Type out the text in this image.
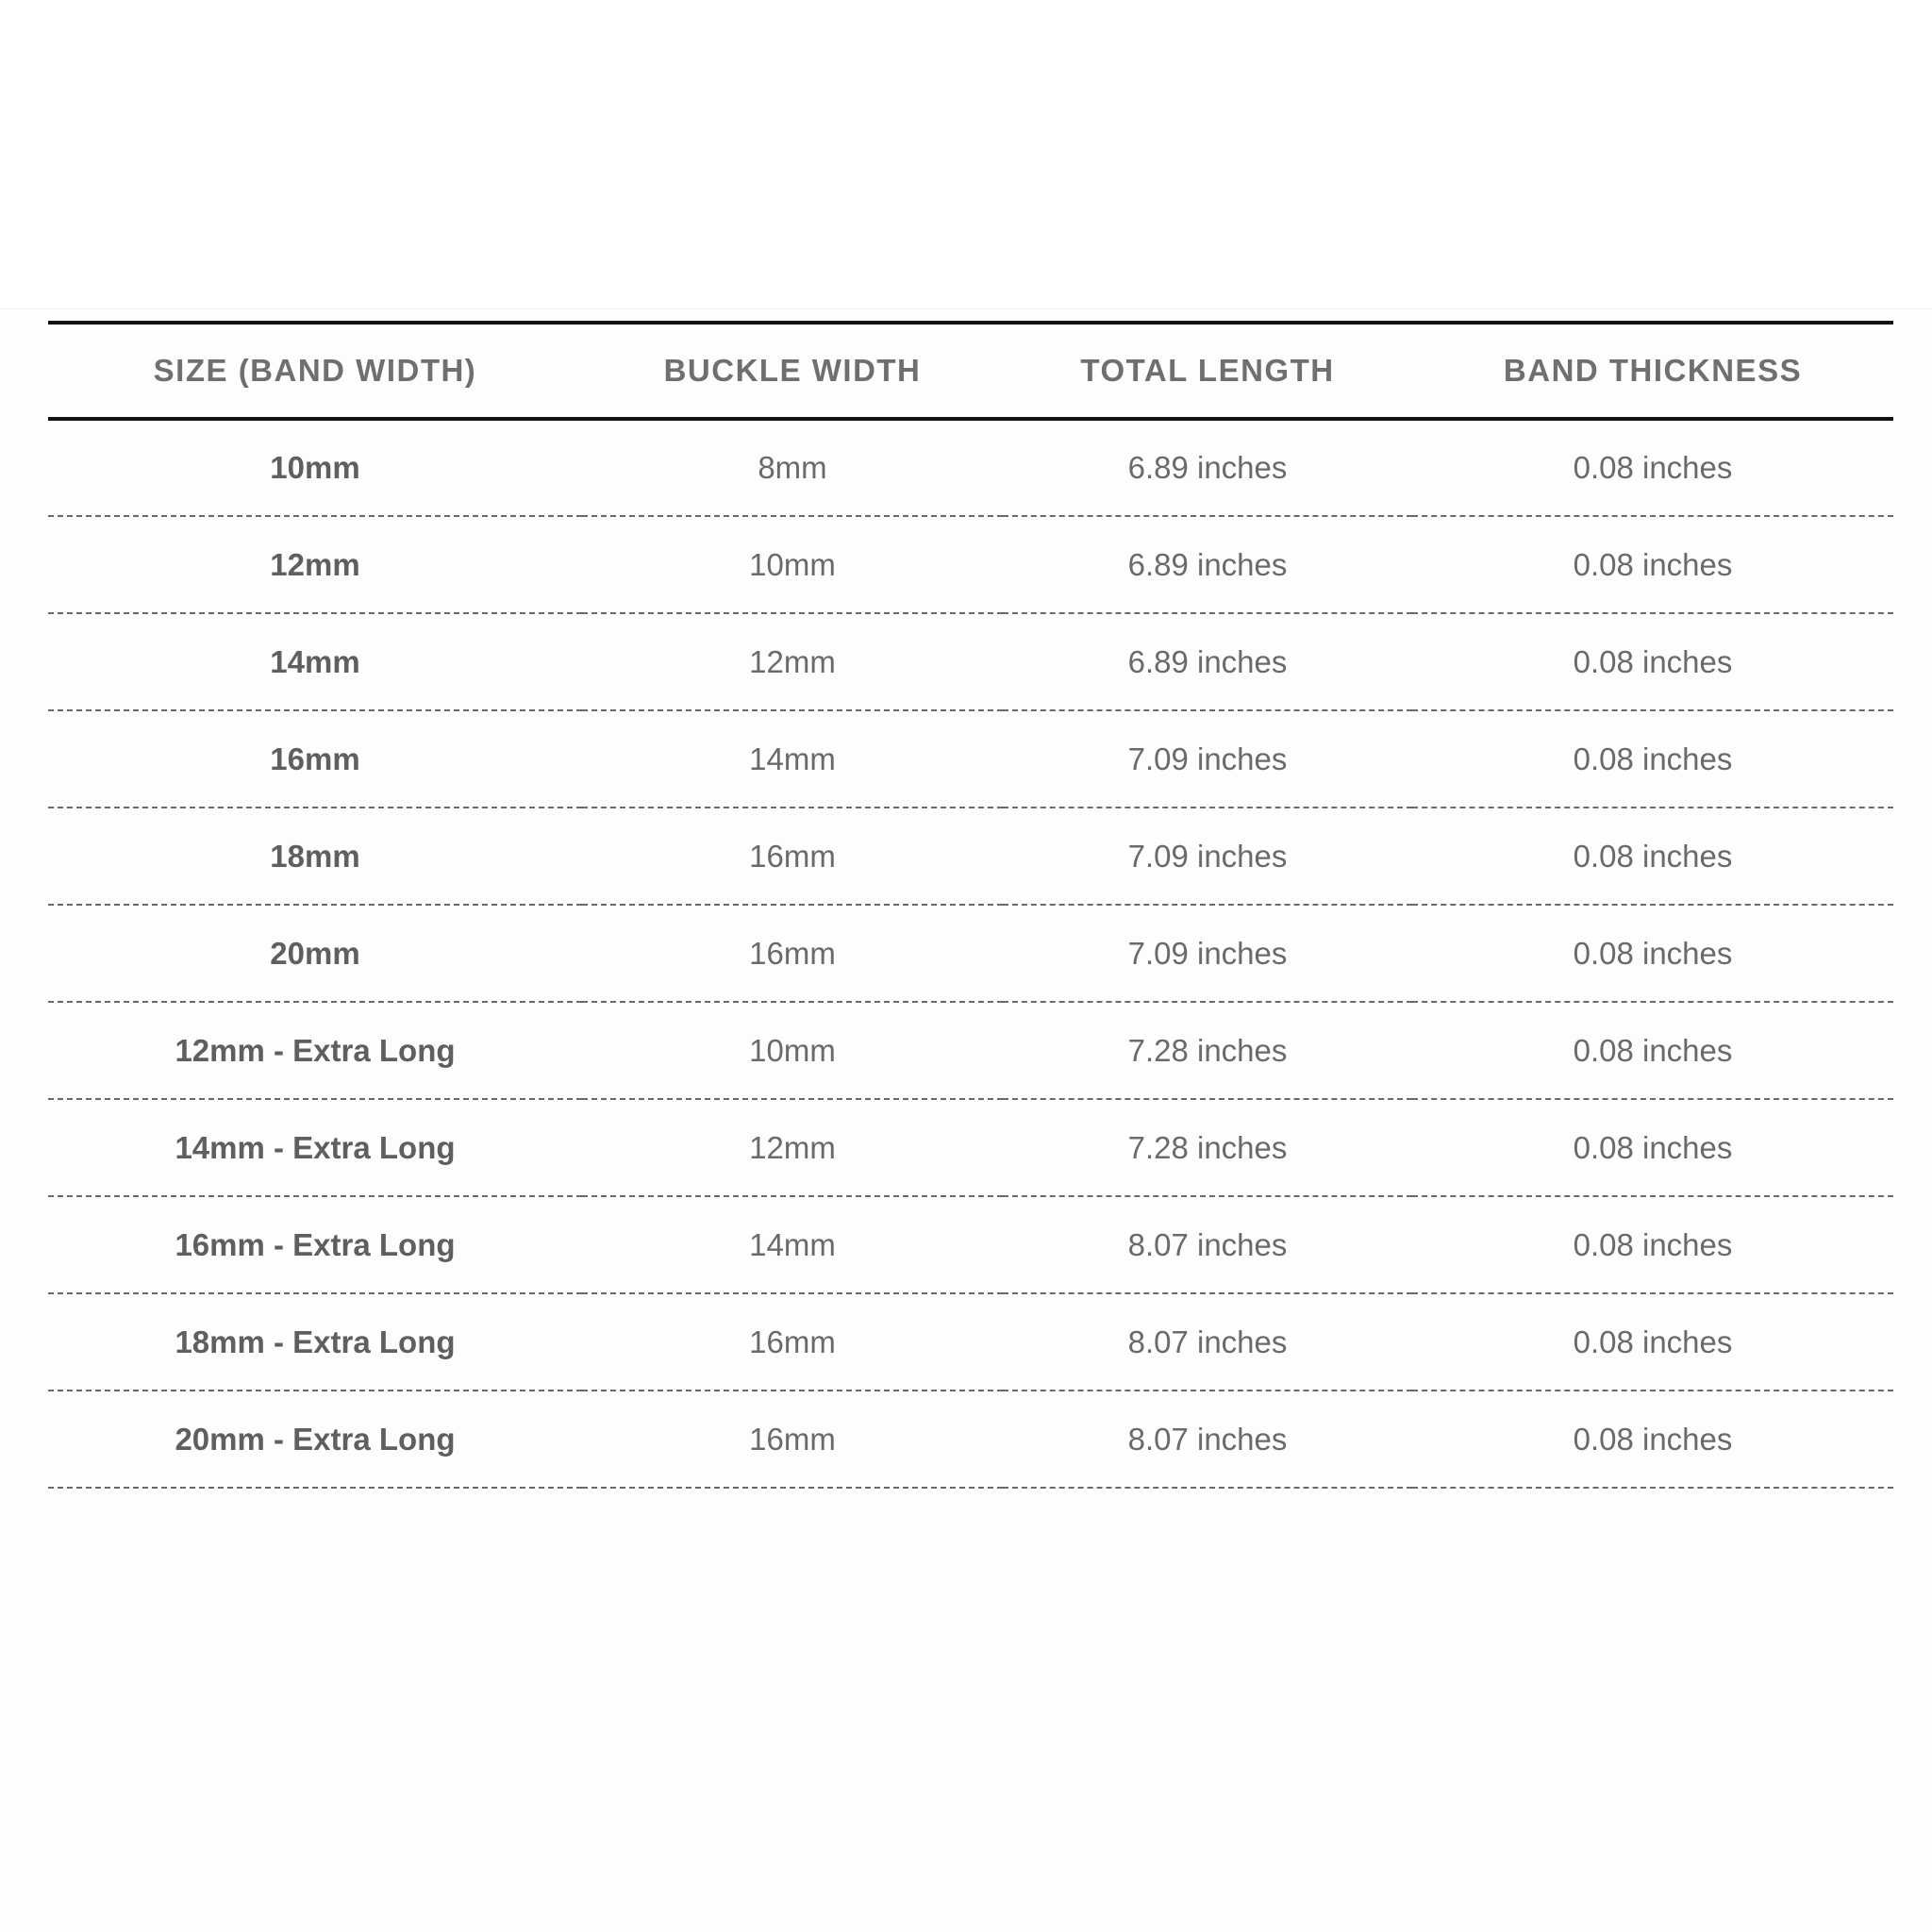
SIZE (BAND WIDTH)	BUCKLE WIDTH	TOTAL LENGTH	BAND THICKNESS
10mm	8mm	6.89 inches	0.08 inches
12mm	10mm	6.89 inches	0.08 inches
14mm	12mm	6.89 inches	0.08 inches
16mm	14mm	7.09 inches	0.08 inches
18mm	16mm	7.09 inches	0.08 inches
20mm	16mm	7.09 inches	0.08 inches
12mm - Extra Long	10mm	7.28 inches	0.08 inches
14mm - Extra Long	12mm	7.28 inches	0.08 inches
16mm - Extra Long	14mm	8.07 inches	0.08 inches
18mm - Extra Long	16mm	8.07 inches	0.08 inches
20mm - Extra Long	16mm	8.07 inches	0.08 inches
